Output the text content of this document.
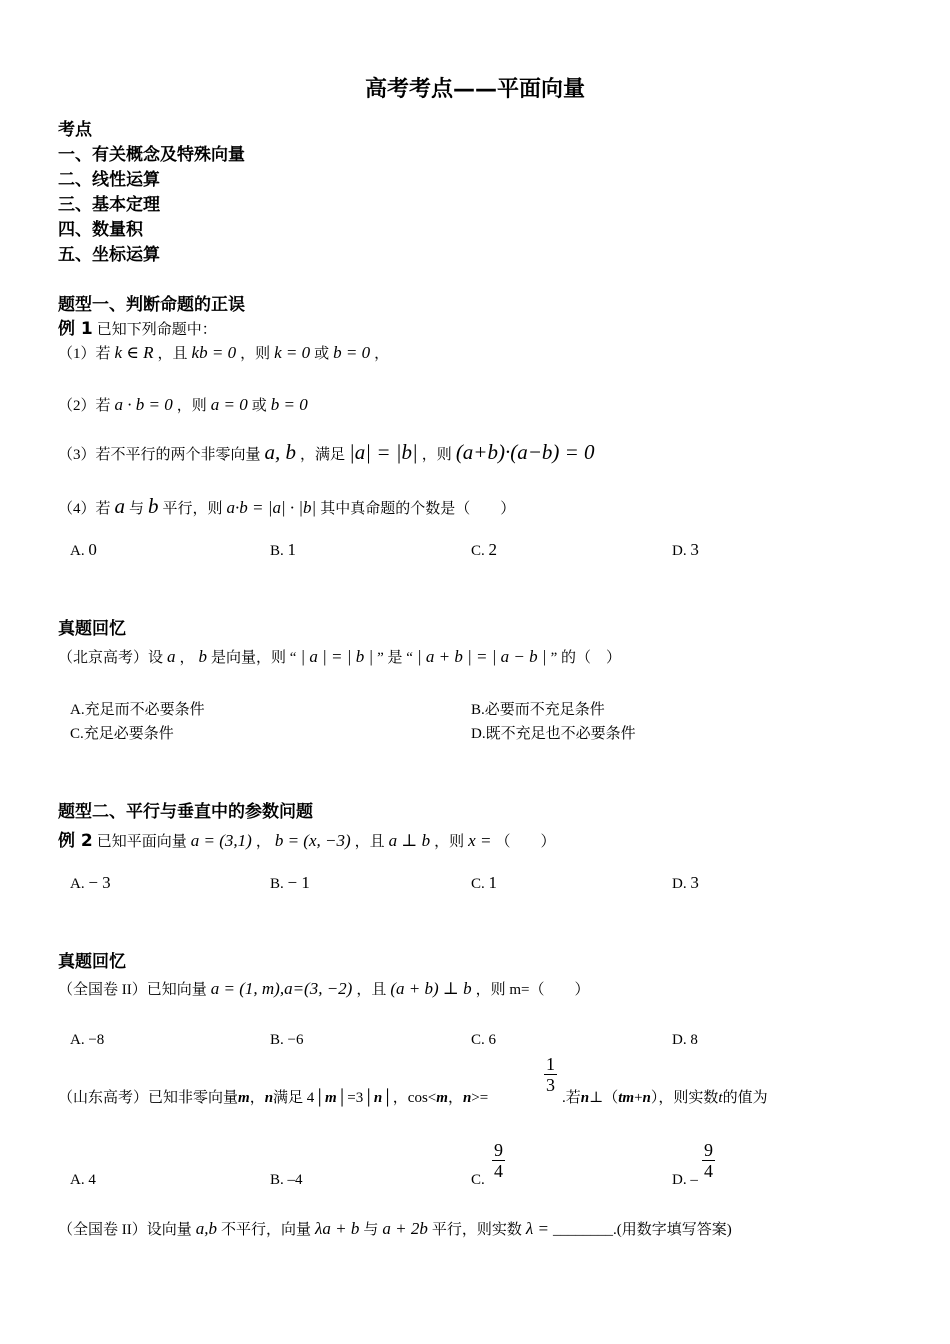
高考考点——平面向量
考点
一、有关概念及特殊向量
二、线性运算
三、基本定理
四、数量积
五、坐标运算
题型一、判断命题的正误
例 1 已知下列命题中：
（1）若 k ∈ R ，且 kb = 0 ，则 k = 0 或 b = 0 ，
（2）若 a · b = 0 ，则 a = 0 或 b = 0
（3）若不平行的两个非零向量 a, b ，满足 |a| = |b| ，则 (a+b)·(a−b) = 0
（4）若 a 与 b 平行，则 a·b = |a| · |b| 其中真命题的个数是（　　）
A. 0	B. 1	C. 2	D. 3
真题回忆
（北京高考）设 a ， b 是向量，则 “ | a | = | b | ” 是 “ | a + b | = | a − b | ” 的（　）
A.充足而不必要条件	B.必要而不充足条件
C.充足必要条件	D.既不充足也不必要条件
题型二、平行与垂直中的参数问题
例 2 已知平面向量 a = (3,1) ， b = (x, −3) ，且 a ⊥ b ，则 x = （　　）
A. − 3	B. − 1	C. 1	D. 3
真题回忆
（全国卷 II）已知向量 a = (1, m),a=(3, −2) ，且 (a + b) ⊥ b ，则 m=（　　）
A. −8	B. −6	C. 6	D. 8
（山东高考）已知非零向量m，n满足 4│m│=3│n│，cos<m，n>=
$\frac{1}{3}$
.若n⊥（tm+n），则实数t的值为
A. 4	B. –4	C. $\frac{9}{4}$	D. – $\frac{9}{4}$
（全国卷 II）设向量 a,b 不平行，向量 λa + b 与 a + 2b 平行，则实数 λ = ________.(用数字填写答案)
